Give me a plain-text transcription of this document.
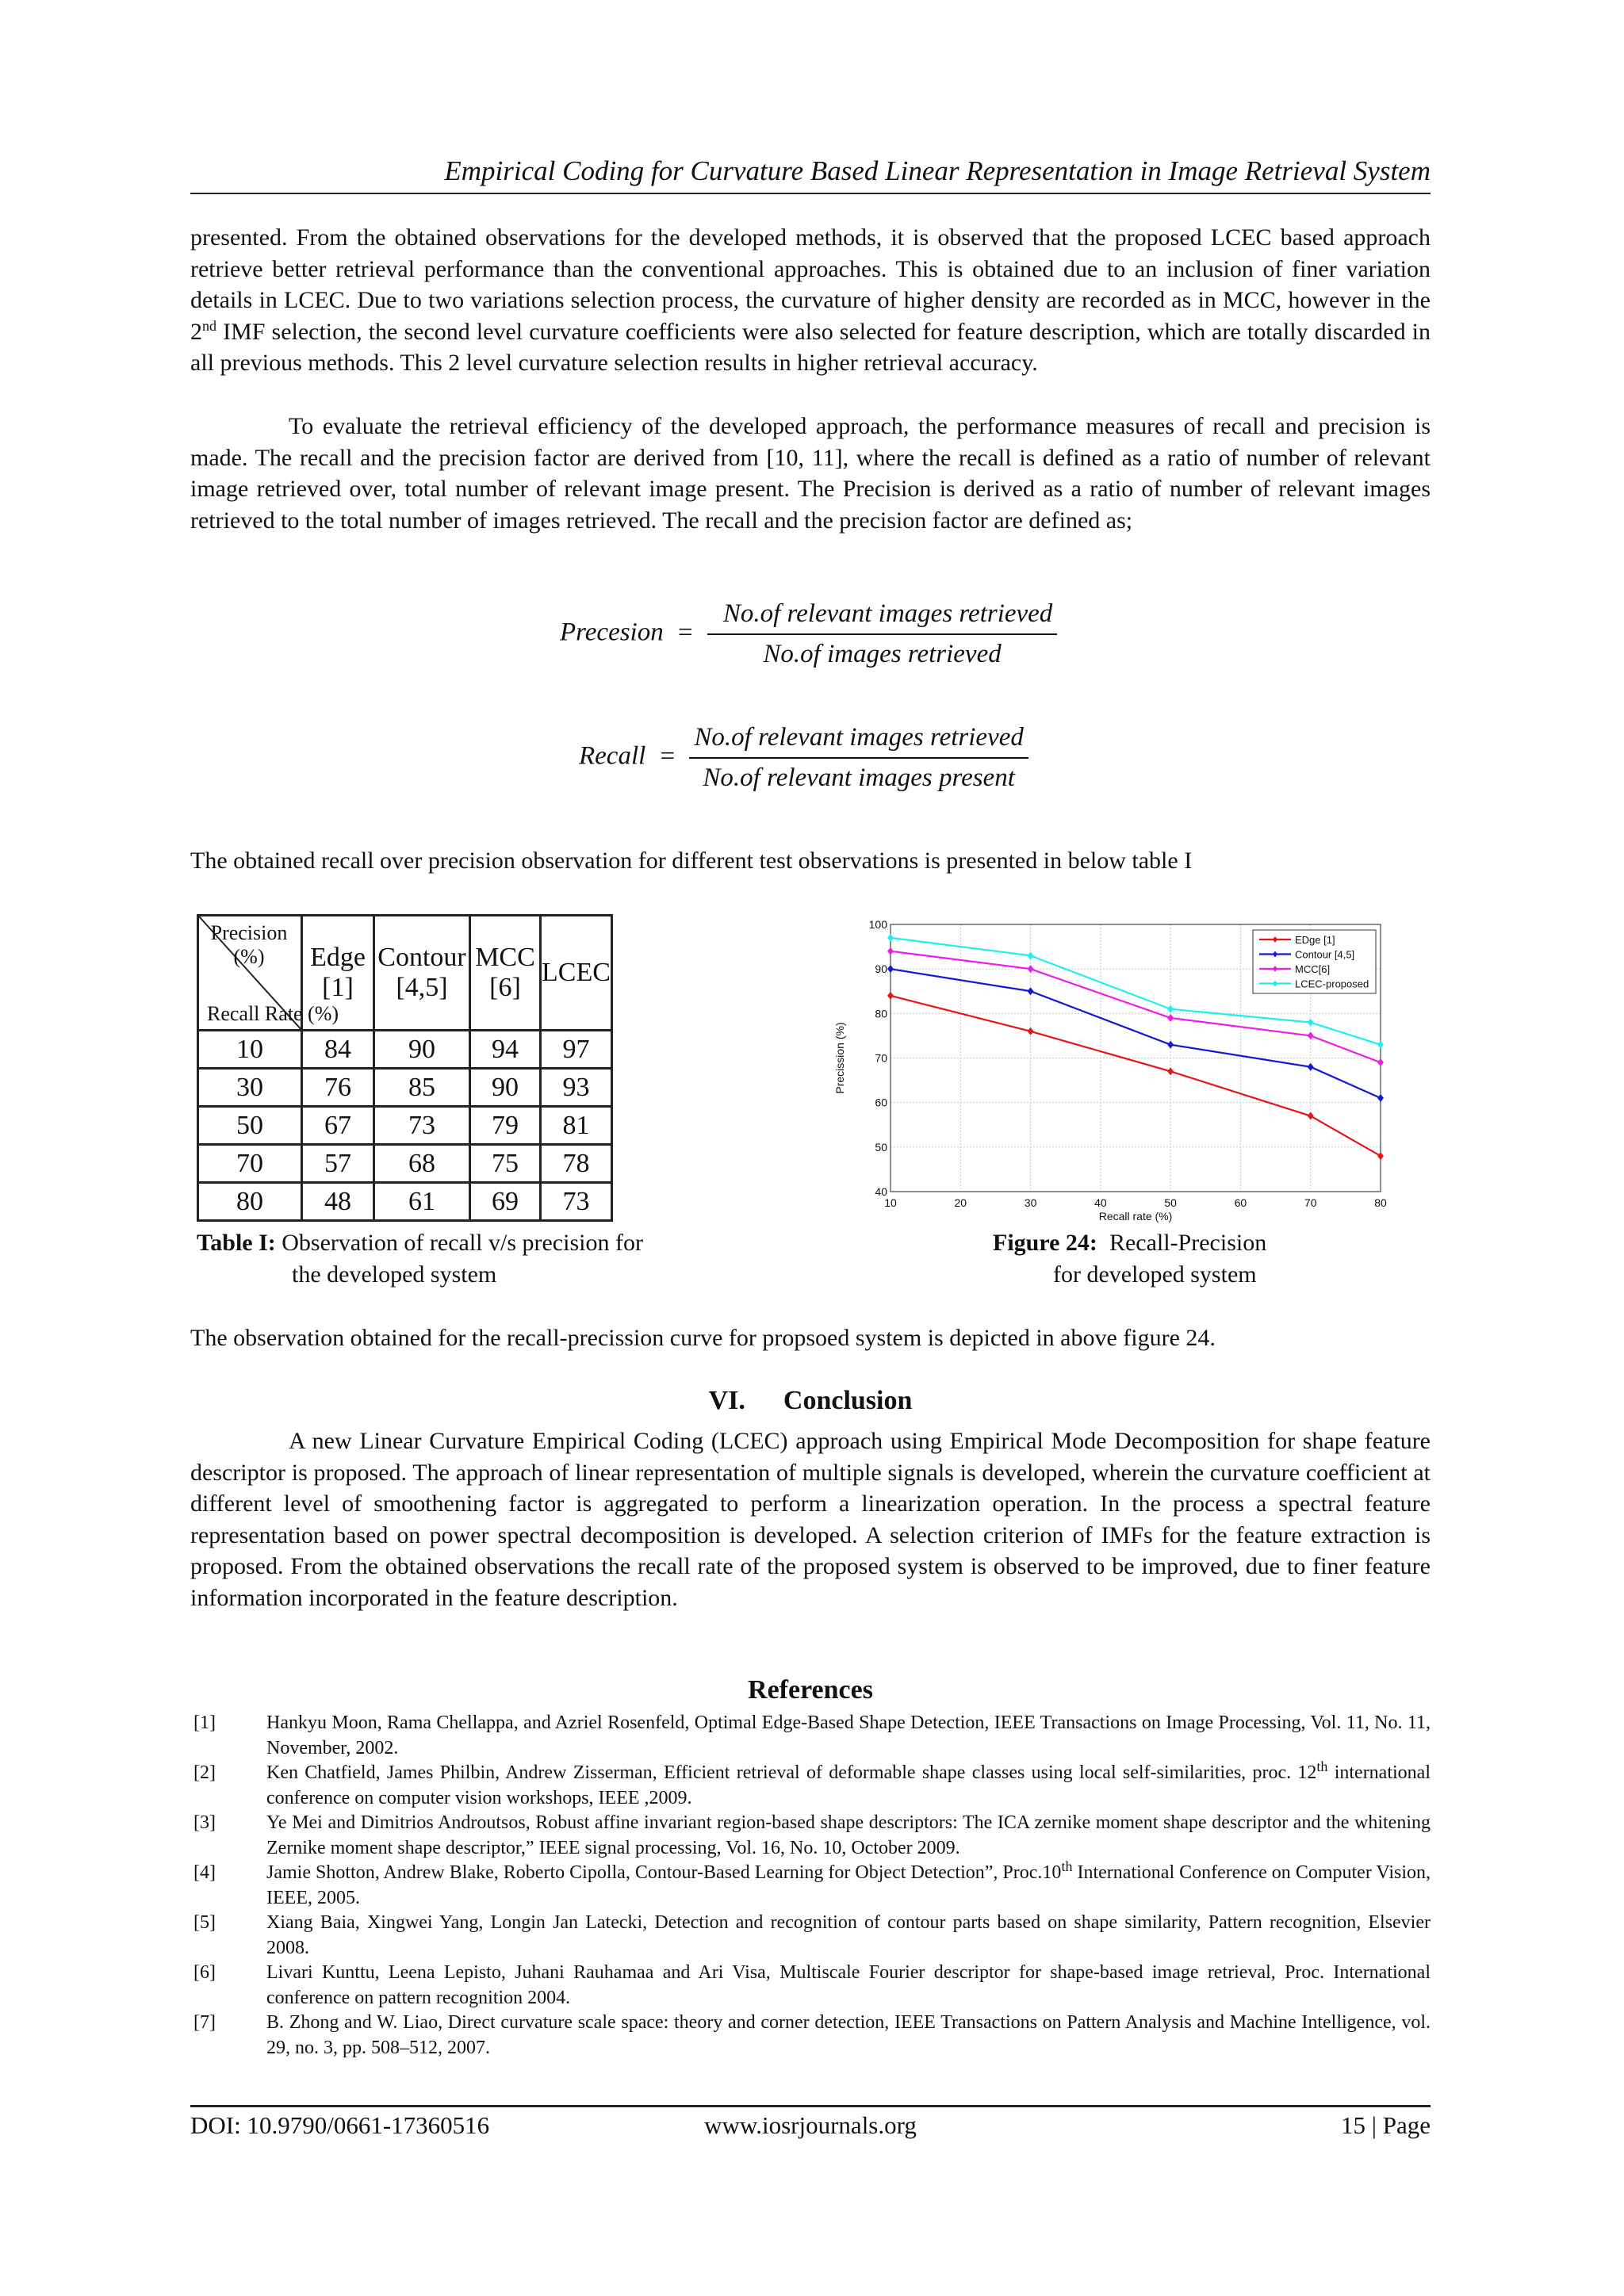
Empirical Coding for Curvature Based Linear Representation in Image Retrieval System

presented. From the obtained observations for the developed methods, it is observed that the proposed LCEC based approach retrieve better retrieval performance than the conventional approaches. This is obtained due to an inclusion of finer variation details in LCEC. Due to two variations selection process, the curvature of higher density are recorded as in MCC, however in the 2nd IMF selection, the second level curvature coefficients were also selected for feature description, which are totally discarded in all previous methods. This 2 level curvature selection results in higher retrieval accuracy.

To evaluate the retrieval efficiency of the developed approach, the performance measures of recall and precision is made. The recall and the precision factor are derived from [10, 11], where the recall is defined as a ratio of number of relevant image retrieved over, total number of relevant image present. The Precision is derived as a ratio of number of relevant images retrieved to the total number of images retrieved. The recall and the precision factor are defined as;

Precesion = $\frac{\text{No.of relevant images retrieved}}{\text{No.of images retrieved}}$
Recall = $\frac{\text{No.of relevant images retrieved}}{\text{No.of relevant images present}}$

The obtained recall over precision observation for different test observations is presented in below table I

Precision (%)
Recall Rate (%)	Edge [1]	Contour [4,5]	MCC [6]	LCEC
10	84	90	94	97
30	76	85	90	93
50	67	73	79	81
70	57	68	75	78
80	48	61	69	73
Table I: Observation of recall v/s precision for
the developed system
10	20	30	40	50	60	70	80
40
50
60
70
80
90
100
Recall rate (%)
Precission (%)
EDge [1]
Contour [4,5]
MCC[6]
LCEC-proposed
Figure 24:  Recall-Precision
for developed system

The observation obtained for the recall-precission curve for propsoed system is depicted in above figure 24.

VI. Conclusion

A new Linear Curvature Empirical Coding (LCEC) approach using Empirical Mode Decomposition for shape feature descriptor is proposed. The approach of linear representation of multiple signals is developed, wherein the curvature coefficient at different level of smoothening factor is aggregated to perform a linearization operation. In the process a spectral feature representation based on power spectral decomposition is developed. A selection criterion of IMFs for the feature extraction is proposed. From the obtained observations the recall rate of the proposed system is observed to be improved, due to finer feature information incorporated in the feature description.

References
[1]	Hankyu Moon, Rama Chellappa, and Azriel Rosenfeld, Optimal Edge-Based Shape Detection, IEEE Transactions on Image Processing, Vol. 11, No. 11, November, 2002.
[2]	Ken Chatfield, James Philbin, Andrew Zisserman, Efficient retrieval of deformable shape classes using local self-similarities, proc. 12th international conference on computer vision workshops, IEEE ,2009.
[3]	Ye Mei and Dimitrios Androutsos, Robust affine invariant region-based shape descriptors: The ICA zernike moment shape descriptor and the whitening Zernike moment shape descriptor,” IEEE signal processing, Vol. 16, No. 10, October 2009.
[4]	Jamie Shotton, Andrew Blake, Roberto Cipolla, Contour-Based Learning for Object Detection”, Proc.10th International Conference on Computer Vision, IEEE, 2005.
[5]	Xiang Baia, Xingwei Yang, Longin Jan Latecki, Detection and recognition of contour parts based on shape similarity, Pattern recognition, Elsevier 2008.
[6]	Livari Kunttu, Leena Lepisto, Juhani Rauhamaa and Ari Visa, Multiscale Fourier descriptor for shape-based image retrieval, Proc. International conference on pattern recognition 2004.
[7]	B. Zhong and W. Liao, Direct curvature scale space: theory and corner detection, IEEE Transactions on Pattern Analysis and Machine Intelligence, vol. 29, no. 3, pp. 508–512, 2007.
DOI: 10.9790/0661-17360516	www.iosrjournals.org	15 | Page
